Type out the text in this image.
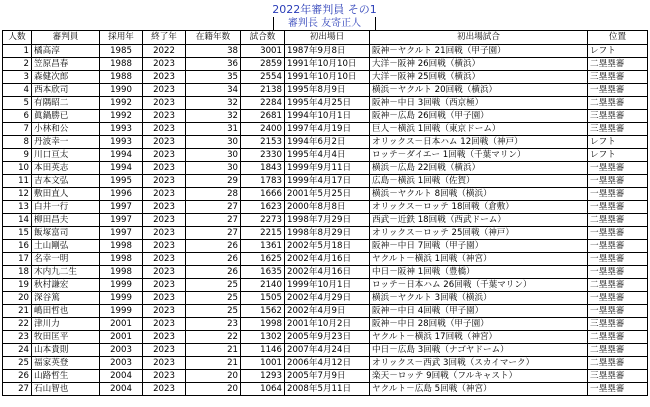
2022年審判員 その1
審判長 友寄正人
人数	審判員	採用年	終了年	在籍年数	試合数	初出場日	初出場試合	位置
1	橘高淳	1985	2022	38	3001	1987年9月8日	阪神－ヤクルト 21回戦（甲子園）	レフト
2	笠原昌春	1988	2023	36	2859	1991年10月10日	大洋－阪神 26回戦（横浜）	二塁塁審
3	森健次郎	1988	2023	35	2554	1991年10月10日	大洋－阪神 25回戦（横浜）	三塁塁審
4	西本欣司	1990	2023	34	2138	1995年8月9日	横浜－ヤクルト 20回戦（横浜）	一塁塁審
5	有隅昭二	1992	2023	32	2284	1995年4月25日	阪神－中日 3回戦（西京極）	二塁塁審
6	眞鍋勝已	1992	2023	32	2681	1994年10月1日	阪神－広島 26回戦（甲子園）	三塁塁審
7	小林和公	1993	2023	31	2400	1997年4月19日	巨人－横浜 1回戦（東京ドーム）	三塁塁審
8	丹波幸一	1993	2023	30	2153	1994年6月2日	オリックス－日本ハム 12回戦（神戸）	レフト
9	川口亘太	1994	2023	30	2330	1995年4月4日	ロッテ－ダイエー 1回戦（千葉マリン）	レフト
10	本田英志	1994	2023	30	1843	1999年9月11日	横浜－広島 22回戦（横浜）	一塁塁審
11	吉本文弘	1995	2023	29	1783	1999年4月17日	広島－横浜 1回戦（佐賀）	一塁塁審
12	敷田直人	1996	2023	28	1666	2001年5月25日	横浜－ヤクルト 8回戦（横浜）	一塁塁審
13	白井一行	1997	2023	27	1623	2000年8月8日	オリックス－ロッテ 18回戦（倉敷）	一塁塁審
14	柳田昌夫	1997	2023	27	2273	1998年7月29日	西武－近鉄 18回戦（西武ドーム）	二塁塁審
15	飯塚富司	1997	2023	27	2215	1998年8月29日	オリックス－ロッテ 25回戦（神戸）	一塁塁審
16	土山剛弘	1998	2023	26	1361	2002年5月18日	阪神－中日 7回戦（甲子園）	一塁塁審
17	名幸一明	1998	2023	26	1625	2002年4月16日	ヤクルト－横浜 1回戦（神宮）	一塁塁審
18	木内九二生	1998	2023	26	1635	2002年4月16日	中日－阪神 1回戦（豊橋）	一塁塁審
19	秋村謙宏	1999	2023	25	2140	1999年10月1日	ロッテ－日本ハム 26回戦（千葉マリン）	二塁塁審
20	深谷篤	1999	2023	25	1505	2002年4月29日	横浜－ヤクルト 3回戦（横浜）	一塁塁審
21	嶋田哲也	1999	2023	25	1562	2002年4月9日	阪神－中日 4回戦（甲子園）	一塁塁審
22	津川力	2001	2023	23	1998	2001年10月2日	阪神－中日 28回戦（甲子園）	三塁塁審
23	牧田匡平	2001	2023	22	1302	2005年9月23日	ヤクルト－横浜 17回戦（神宮）	二塁塁審
24	山本貴則	2003	2023	21	1146	2007年4月24日	中日－広島 3回戦（ナゴヤドーム）	二塁塁審
25	福家英登	2003	2023	21	1001	2006年4月12日	オリックス－西武 3回戦（スカイマーク）	二塁塁審
26	山路哲生	2004	2023	20	1293	2005年7月9日	楽天－ロッテ 9回戦（フルキャスト）	三塁塁審
27	石山智也	2004	2023	20	1064	2008年5月11日	ヤクルト－広島 5回戦（神宮）	一塁塁審
